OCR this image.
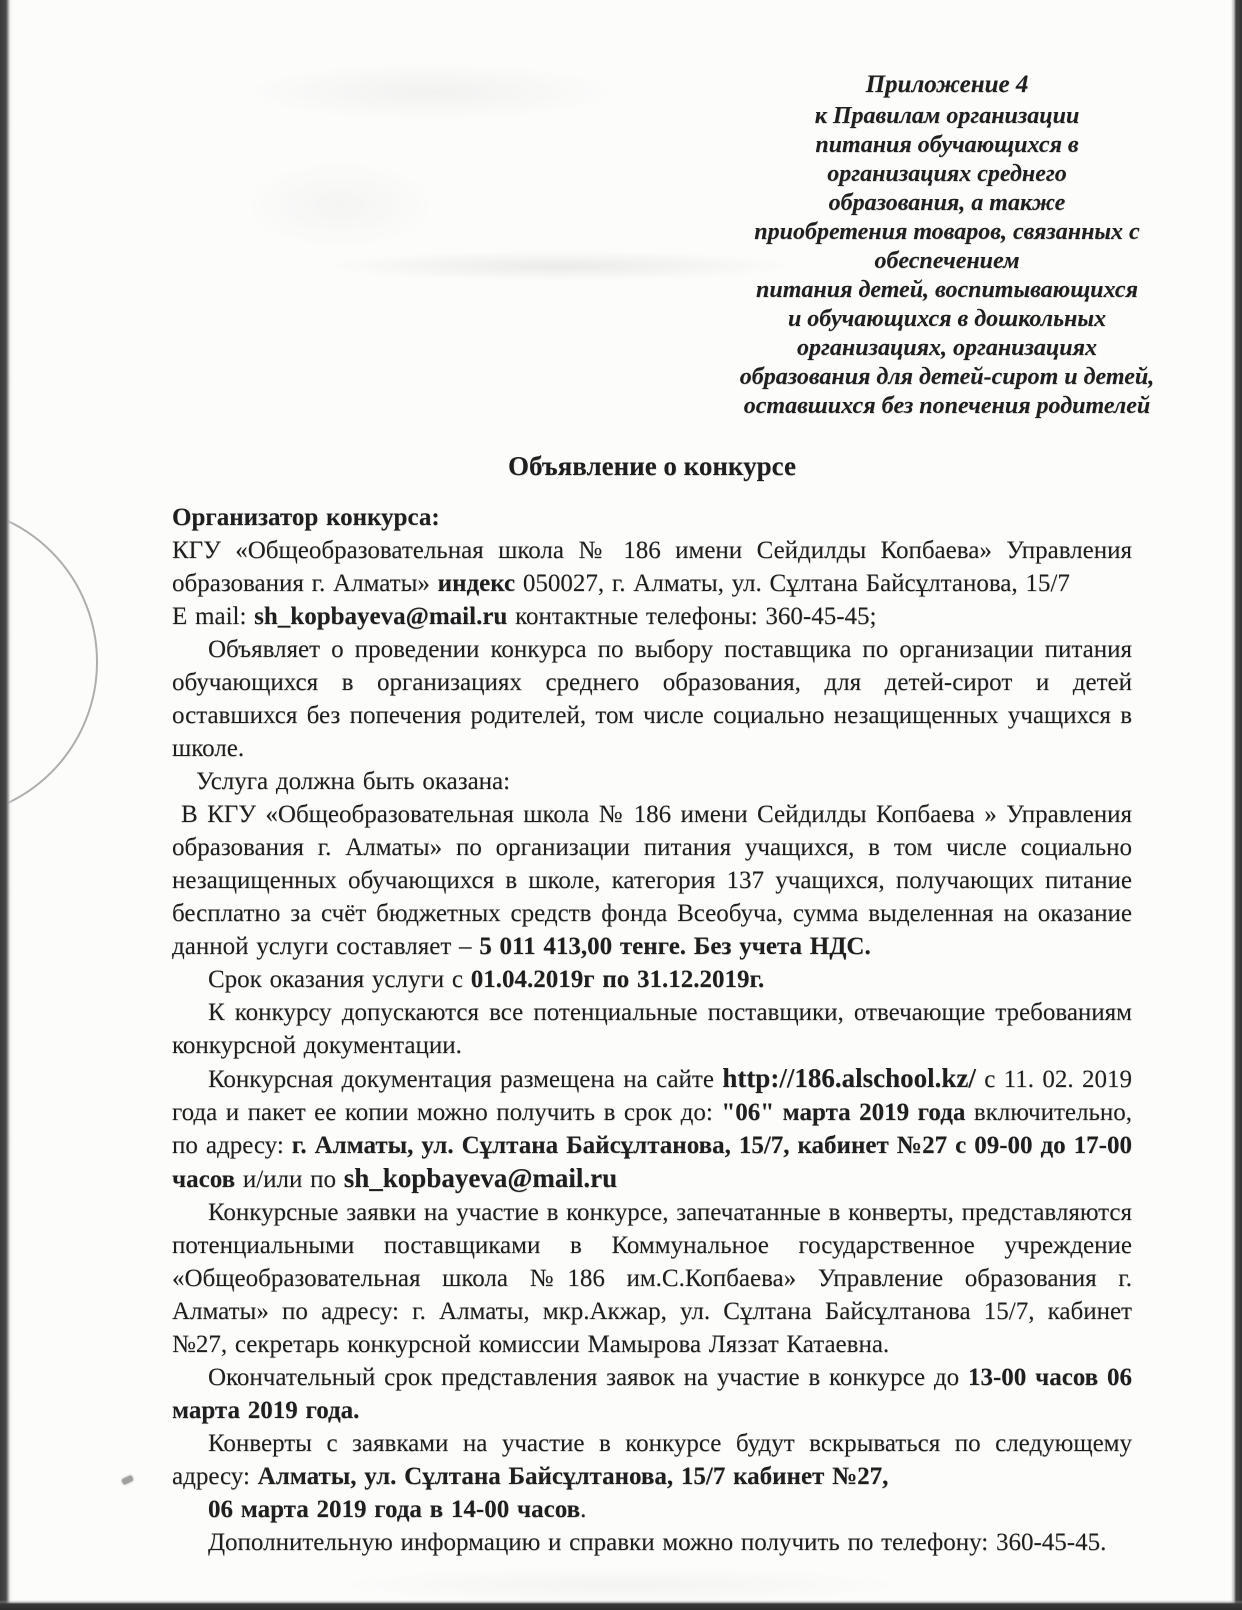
Приложение 4
к Правилам организации
питания обучающихся в
организациях среднего
образования, а также
приобретения товаров, связанных с
обеспечением
питания детей, воспитывающихся
и обучающихся в дошкольных
организациях, организациях
образования для детей-сирот и детей,
оставшихся без попечения родителей
Объявление о конкурсе

Организатор конкурса:

КГУ «Общеобразовательная школа № 186 имени Сейдилды Копбаева» Управления образования г. Алматы» индекс 050027, г. Алматы, ул. Сұлтана Байсұлтанова, 15/7

E mail: sh_kopbayeva@mail.ru контактные телефоны: 360-45-45;

Объявляет о проведении конкурса по выбору поставщика по организации питания обучающихся в организациях среднего образования, для детей-сирот и детей оставшихся без попечения родителей, том числе социально незащищенных учащихся в школе.

Услуга должна быть оказана:

В КГУ «Общеобразовательная школа № 186 имени Сейдилды Копбаева » Управления образования г. Алматы» по организации питания учащихся, в том числе социально незащищенных обучающихся в школе, категория 137 учащихся, получающих питание бесплатно за счёт бюджетных средств фонда Всеобуча, сумма выделенная на оказание данной услуги составляет – 5 011 413,00 тенге. Без учета НДС.

Срок оказания услуги с 01.04.2019г по 31.12.2019г.

К конкурсу допускаются все потенциальные поставщики, отвечающие требованиям конкурсной документации.

Конкурсная документация размещена на сайте http://186.alschool.kz/ с 11. 02. 2019 года и пакет ее копии можно получить в срок до: "06" марта 2019 года включительно, по адресу: г. Алматы, ул. Сұлтана Байсұлтанова, 15/7, кабинет №27 с 09-00 до 17-00 часов и/или по sh_kopbayeva@mail.ru

Конкурсные заявки на участие в конкурсе, запечатанные в конверты, представляются потенциальными поставщиками в Коммунальное государственное учреждение «Общеобразовательная школа №186 им.С.Копбаева» Управление образования г. Алматы» по адресу: г. Алматы, мкр.Акжар, ул. Сұлтана Байсұлтанова 15/7, кабинет №27, секретарь конкурсной комиссии Мамырова Ляззат Катаевна.

Окончательный срок представления заявок на участие в конкурсе до 13-00 часов 06 марта 2019 года.

Конверты с заявками на участие в конкурсе будут вскрываться по следующему адресу: Алматы, ул. Сұлтана Байсұлтанова, 15/7 кабинет №27,

06 марта 2019 года в 14-00 часов.

Дополнительную информацию и справки можно получить по телефону: 360-45-45.
